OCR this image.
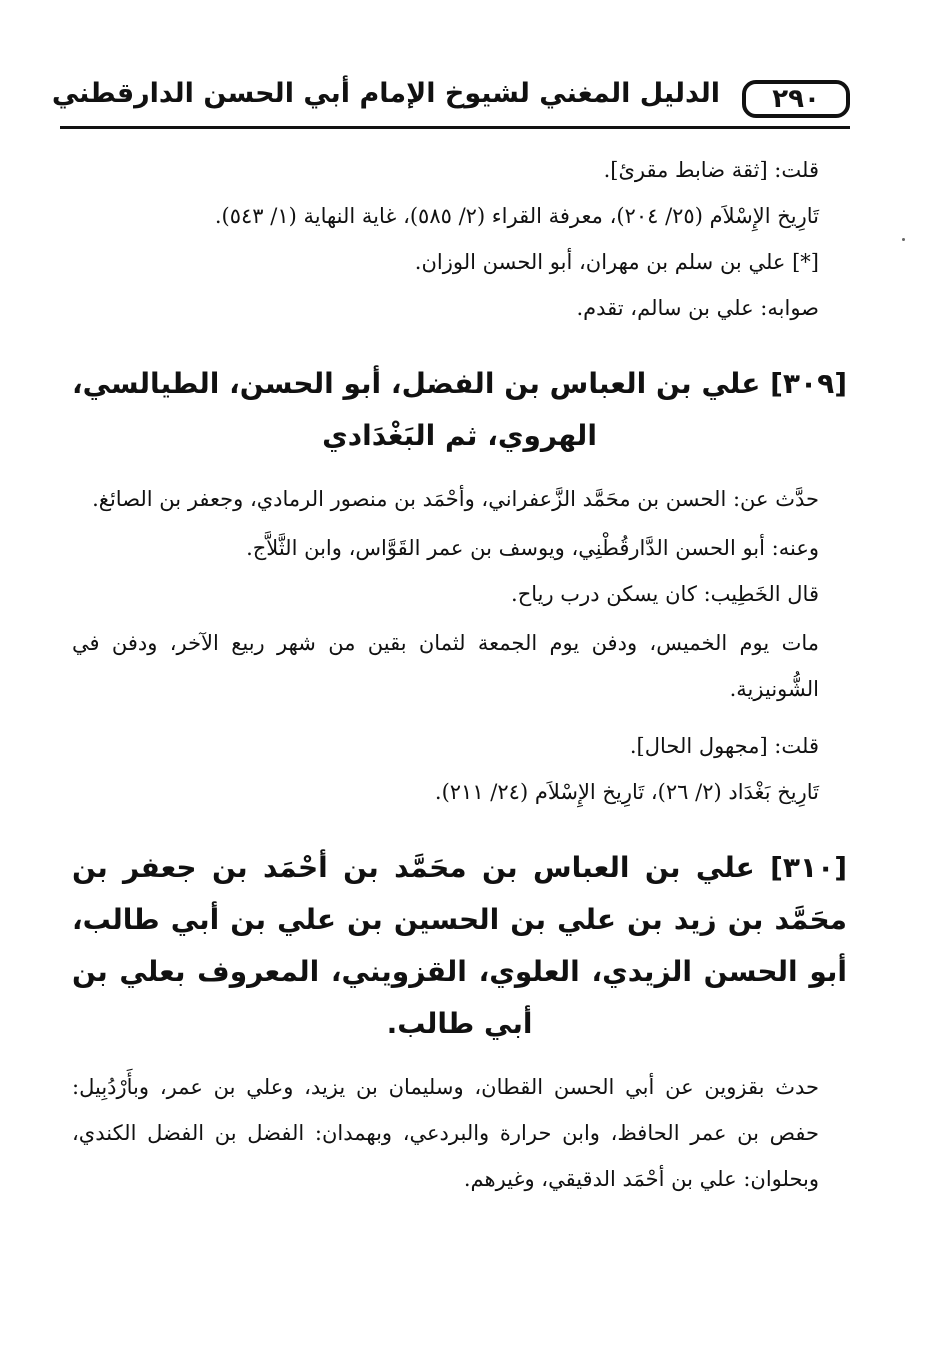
٢٩٠
الدليل المغني لشيوخ الإمام أبي الحسن الدارقطني

قلت: [ثقة ضابط مقرئ].

تَارِيخ الإِسْلاَم (٢٥/ ٢٠٤)، معرفة القراء (٢/ ٥٨٥)، غاية النهاية (١/ ٥٤٣).

[*] علي بن سلم بن مهران، أبو الحسن الوزان.

صوابه: علي بن سالم، تقدم.

[٣٠٩] علي بن العباس بن الفضل، أبو الحسن، الطيالسي، الهروي، ثم البَغْدَادي

حدَّث عن: الحسن بن محَمَّد الزَّعفراني، وأحْمَد بن منصور الرمادي، وجعفر بن الصائغ.

وعنه: أبو الحسن الدَّارقُطْنِي، ويوسف بن عمر القَوَّاس، وابن الثَّلاَّج.

قال الخَطِيب: كان يسكن درب رياح.

مات يوم الخميس، ودفن يوم الجمعة لثمان بقين من شهر ربيع الآخر، ودفن في الشُّونيزية.

قلت: [مجهول الحال].

تَارِيخ بَغْدَاد (٢/ ٢٦)، تَارِيخ الإِسْلاَم (٢٤/ ٢١١).

[٣١٠] علي بن العباس بن محَمَّد بن أحْمَد بن جعفر بن محَمَّد بن زيد بن علي بن الحسين بن علي بن أبي طالب، أبو الحسن الزيدي، العلوي، القزويني، المعروف بعلي بن أبي طالب.

حدث بقزوين عن أبي الحسن القطان، وسليمان بن يزيد، وعلي بن عمر، وبأَرْدُبِيل: حفص بن عمر الحافظ، وابن حرارة والبردعي، وبهمدان: الفضل بن الفضل الكندي، وبحلوان: علي بن أحْمَد الدقيقي، وغيرهم.
